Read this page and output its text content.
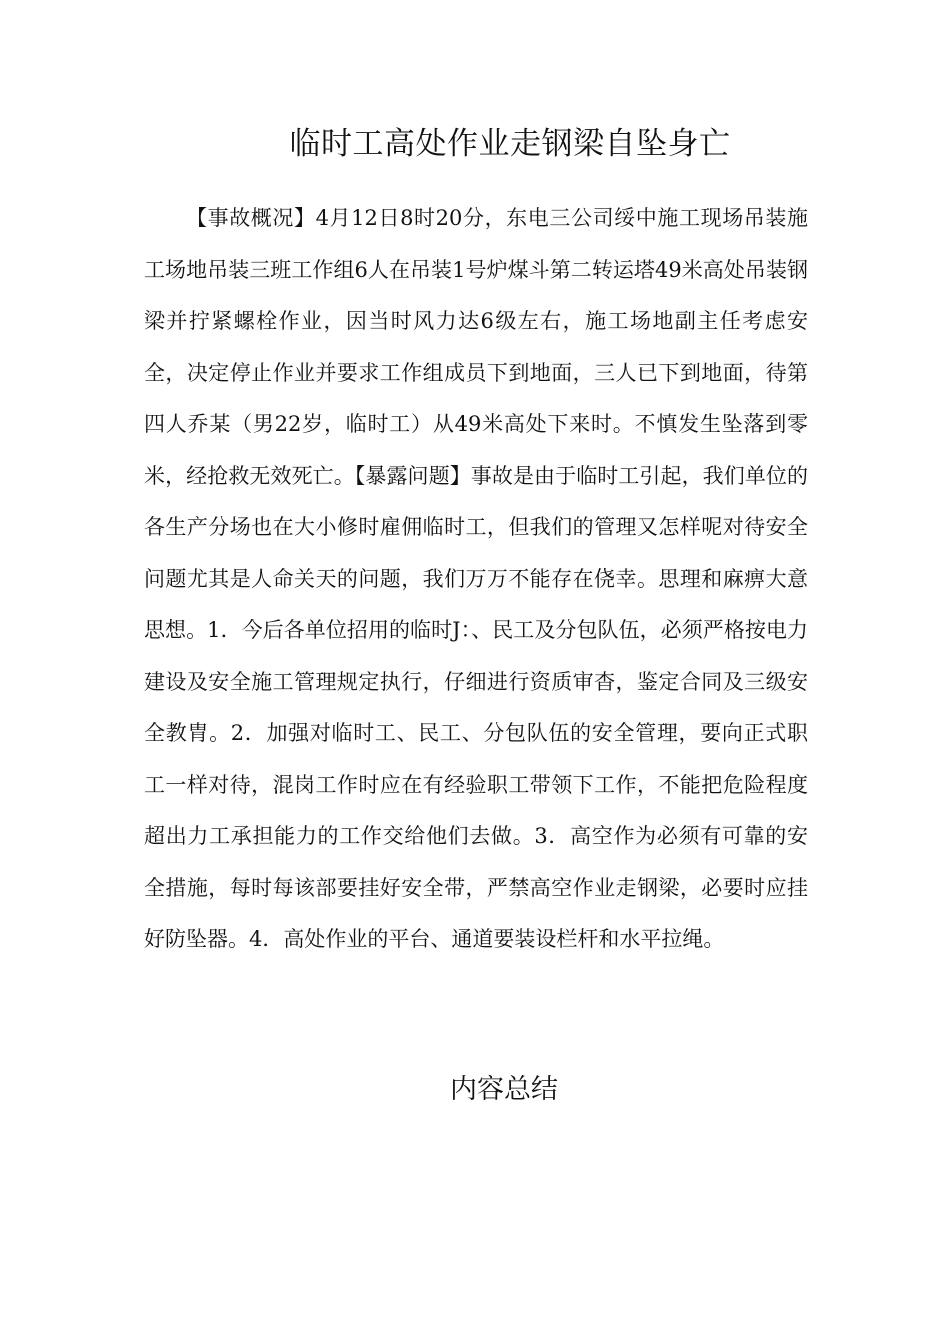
临时工高处作业走钢梁自坠身亡

【事故概况】4月12日8时20分，东电三公司绥中施工现场吊装施工场地吊装三班工作组6人在吊装1号炉煤斗第二转运塔49米高处吊装钢梁并拧紧螺栓作业，因当时风力达6级左右，施工场地副主任考虑安全，决定停止作业并要求工作组成员下到地面，三人已下到地面，待第四人乔某（男22岁，临时工）从49米高处下来时。不慎发生坠落到零米，经抢救无效死亡。【暴露问题】事故是由于临时工引起，我们单位的各生产分场也在大小修时雇佣临时工，但我们的管理又怎样呢对待安全问题尤其是人命关天的问题，我们万万不能存在侥幸。思理和麻痹大意思想。1．今后各单位招用的临时J：、民工及分包队伍，必须严格按电力建设及安全施工管理规定执行，仔细进行资质审杳，鉴定合同及三级安全教胄。2．加强对临时工、民工、分包队伍的安全管理，要向正式职工一样对待，混岗工作时应在有经验职工带领下工作，不能把危险程度超出力工承担能力的工作交给他们去做。3．高空作为必须有可靠的安全措施，每时每该部要挂好安全带，严禁高空作业走钢梁，必要时应挂好防坠器。4．高处作业的平台、通道要装设栏杆和水平拉绳。

内容总结
